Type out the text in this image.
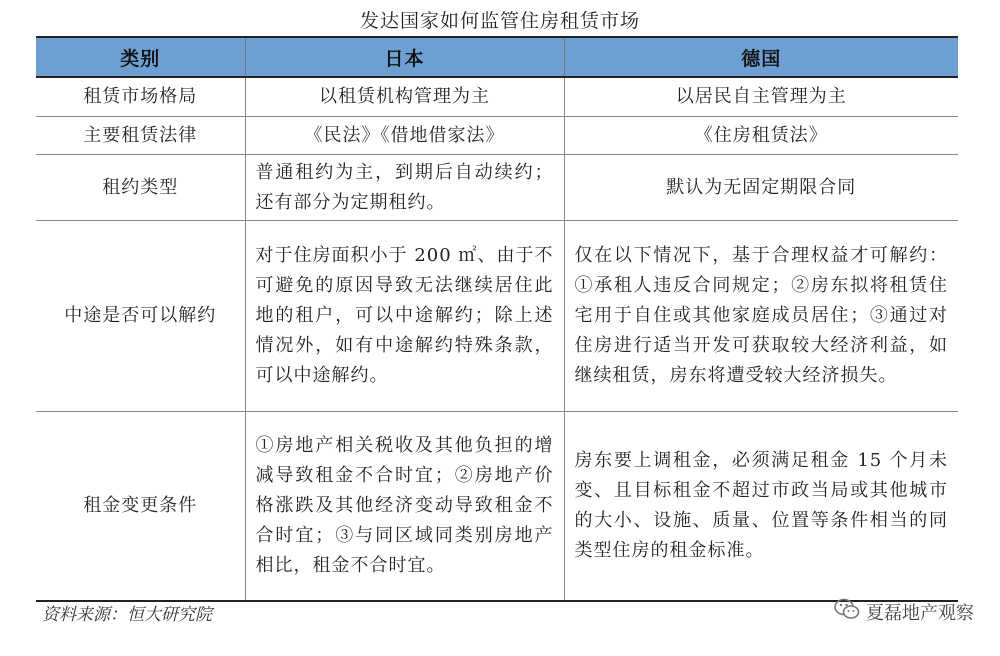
发达国家如何监管住房租赁市场
类别	日本	德国
租赁市场格局	以租赁机构管理为主	以居民自主管理为主
主要租赁法律	《民法》《借地借家法》	《住房租赁法》
租约类型	普通租约为主，到期后自动续约；还有部分为定期租约。	默认为无固定期限合同
中途是否可以解约	对于住房面积小于 200 ㎡、由于不可避免的原因导致无法继续居住此地的租户，可以中途解约；除上述情况外，如有中途解约特殊条款，可以中途解约。	仅在以下情况下，基于合理权益才可解约：①承租人违反合同规定；②房东拟将租赁住宅用于自住或其他家庭成员居住；③通过对住房进行适当开发可获取较大经济利益，如继续租赁，房东将遭受较大经济损失。
租金变更条件	①房地产相关税收及其他负担的增减导致租金不合时宜；②房地产价格涨跌及其他经济变动导致租金不合时宜；③与同区域同类别房地产相比，租金不合时宜。	房东要上调租金，必须满足租金 15 个月未变、且目标租金不超过市政当局或其他城市的大小、设施、质量、位置等条件相当的同类型住房的租金标准。
资料来源：恒大研究院	夏磊地产观察
